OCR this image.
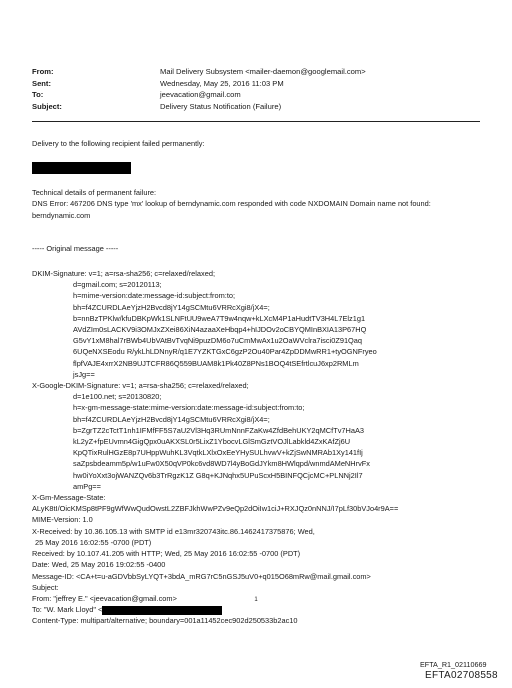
From:	Mail Delivery Subsystem <mailer-daemon@googlemail.com>
Sent:	Wednesday, May 25, 2016 11:03 PM
To:	jeevacation@gmail.com
Subject:	Delivery Status Notification (Failure)
Delivery to the following recipient failed permanently:
Technical details of permanent failure:
DNS Error: 467206 DNS type 'mx' lookup of berndynamic.com responded with code NXDOMAIN Domain name not found: berndynamic.com
----- Original message -----
DKIM-Signature: v=1; a=rsa-sha256; c=relaxed/relaxed;
d=gmail.com; s=20120113;
h=mime-version:date:message-id:subject:from:to;
bh=f4ZCURDLAeYjzH2Bvcd8jY14gSCMtu6VRRcXgi8/jX4=;
b=nnBzTPKlw/kfuDBKpWk1SLNFtUU9weA7T9w4nqw+kLXcM4P1aHudtTV3H4L7Elz1g1
AVdZIm0sLACKV9i3OMJxZXei86XiN4azaaXeHbqp4+hIJDOv2oCBYQMInBXIA13P67HQ
G5vY1xM8hal7rBWb4UbVAtBvTvqNi9puzDM6o7uCmMwAx1u2OaWVclra7isci0Z91Qaq
6UQeNXSEodu R/ykLhLDNnyR/q1E7YZKTGxC6gzP2Ou40Par4ZpDDMwRR1+tyOGNFryeo
flpfVAJE4xrrX2NB9UJTCFR86Q559BUAM8k1Pk40Z8PNs1BOQ4tSEfrtlcuJ6xp2RMLm
jsJg==
X-Google-DKIM-Signature: v=1; a=rsa-sha256; c=relaxed/relaxed;
d=1e100.net; s=20130820;
h=x-gm-message-state:mime-version:date:message-id:subject:from:to;
bh=f4ZCURDLAeYjzH2Bvcd8jY14gSCMtu6VRRcXgi8/jX4=;
b=ZgrTZ2cTctT1nh1IFMfFF5S7aU2Vl3Hq3RUmNnnFZaKw4ZfdBehUKY2qMCfTv7HaA3
kL2yZ+fpEUvmn4GigQpx0uAKXSL0r5LixZ1YbocvLGlSmGztVOJlLabkld4ZxKAfZj6U
KpQTixRulHGzE8p7UHppWuhKL3VqtkLXlxOxEeYHySULhvwV+kZjSwNMRAb1Xy141fIj
saZpsbdeamm5p/w1uFw0X50qVP0kc6vd8WD7l4yBoGdJYkm8HWlqpd/wnmdAMeNHrvFx
hw0iYoXxt3ojWANZQv6b3TrRgzK1Z G8q+KJNqhx5UPuScxH5BINFQCjcMC+PLNNj2Il7
amPg==
X-Gm-Message-State:
ALyK8tI/OicKMSp8tPF9gWfWwQudOwstL2ZBFJkhWwPZv9eQp2dOiIw1ciJ+RXJQz0nNNJ/I7pLf30bVJo4r9A==
MIME-Version: 1.0
X-Received: by 10.36.105.13 with SMTP id e13mr320743itc.86.1462417375876; Wed,
25 May 2016 16:02:55 -0700 (PDT)
Received: by 10.107.41.205 with HTTP; Wed, 25 May 2016 16:02:55 -0700 (PDT)
Date: Wed, 25 May 2016 19:02:55 -0400
Message-ID: <CA+t=u-aGDVbbSyLYQT+3bdA_mRG7rC5nGSJ5uV0+q015O68mRw@mail.gmail.com>
Subject:
From: "jeffrey E." <jeevacation@gmail.com>
To: "W. Mark Lloyd" <
Content-Type: multipart/alternative; boundary=001a11452cec902d250533b2ac10
1
EFTA_R1_02110669
EFTA02708558
